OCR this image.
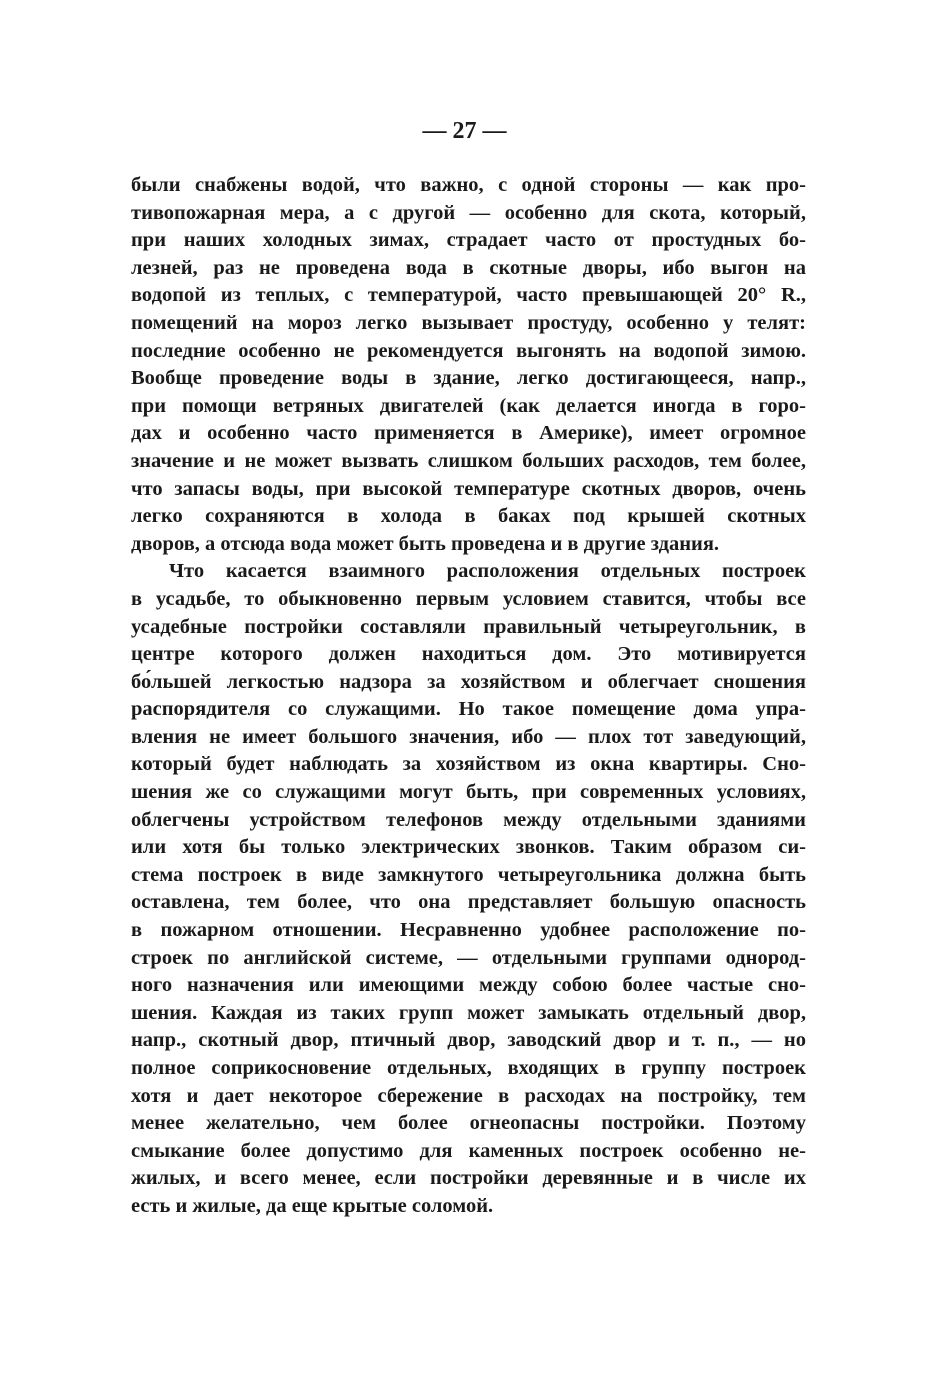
— 27 —
были снабжены водой, что важно, с одной стороны — как про-
тивопожарная мера, а с другой — особенно для скота, который,
при наших холодных зимах, страдает часто от простудных бо-
лезней, раз не проведена вода в скотные дворы, ибо выгон на
водопой из теплых, с температурой, часто превышающей 20° R.,
помещений на мороз легко вызывает простуду, особенно у телят:
последние особенно не рекомендуется выгонять на водопой зимою.
Вообще проведение воды в здание, легко достигающееся, напр.,
при помощи ветряных двигателей (как делается иногда в горо-
дах и особенно часто применяется в Америке), имеет огромное
значение и не может вызвать слишком больших расходов, тем более,
что запасы воды, при высокой температуре скотных дворов, очень
легко сохраняются в холода в баках под крышей скотных
дворов, а отсюда вода может быть проведена и в другие здания.
Что касается взаимного расположения отдельных построек
в усадьбе, то обыкновенно первым условием ставится, чтобы все
усадебные постройки составляли правильный четыреугольник, в
центре которого должен находиться дом. Это мотивируется
бо́льшей легкостью надзора за хозяйством и облегчает сношения
распорядителя со служащими. Но такое помещение дома упра-
вления не имеет большого значения, ибо — плох тот заведующий,
который будет наблюдать за хозяйством из окна квартиры. Сно-
шения же со служащими могут быть, при современных условиях,
облегчены устройством телефонов между отдельными зданиями
или хотя бы только электрических звонков. Таким образом си-
стема построек в виде замкнутого четыреугольника должна быть
оставлена, тем более, что она представляет большую опасность
в пожарном отношении. Несравненно удобнее расположение по-
строек по английской системе, — отдельными группами однород-
ного назначения или имеющими между собою более частые сно-
шения. Каждая из таких групп может замыкать отдельный двор,
напр., скотный двор, птичный двор, заводский двор и т. п., — но
полное соприкосновение отдельных, входящих в группу построек
хотя и дает некоторое сбережение в расходах на постройку, тем
менее желательно, чем более огнеопасны постройки. Поэтому
смыкание более допустимо для каменных построек особенно не-
жилых, и всего менее, если постройки деревянные и в числе их
есть и жилые, да еще крытые соломой.
